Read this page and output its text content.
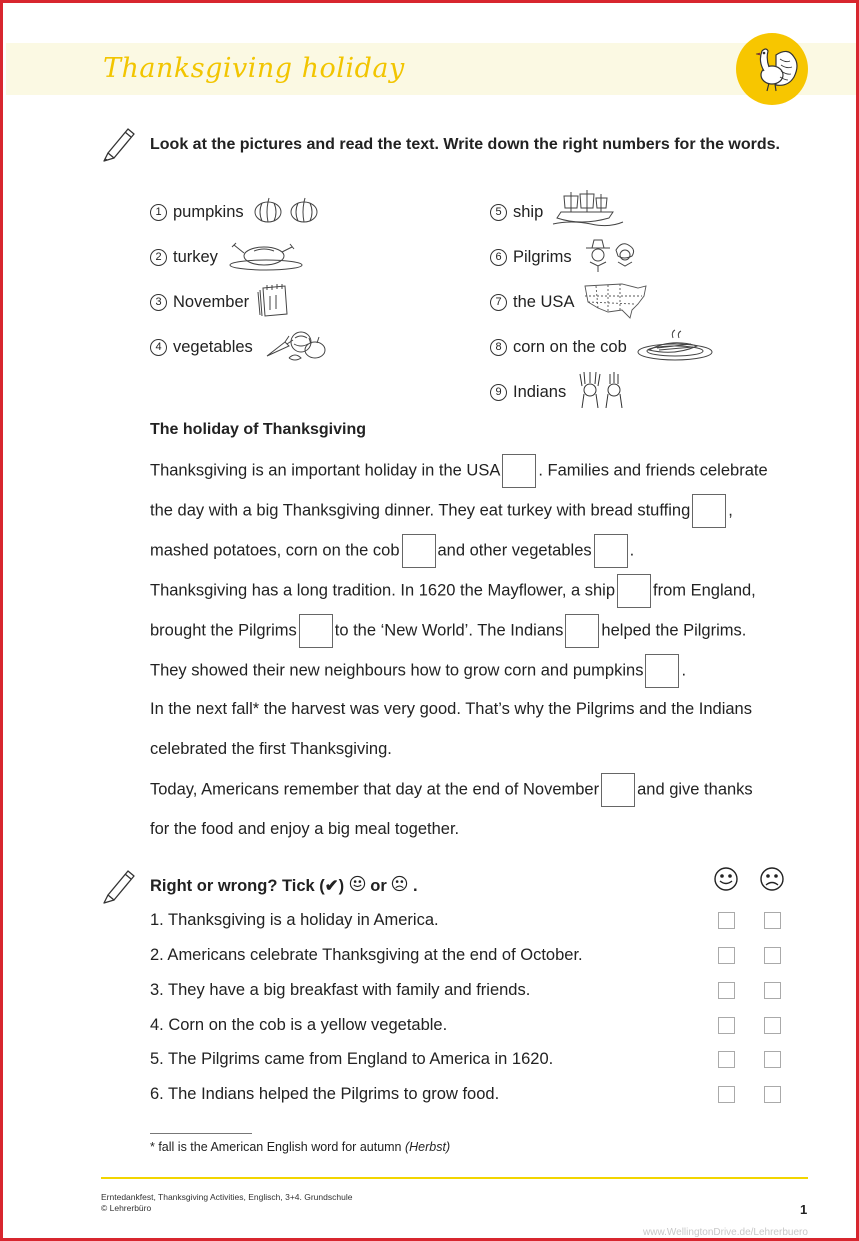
Thanksgiving holiday
Look at the pictures and read the text. Write down the right numbers for the words.
1 pumpkins
2 turkey
3 November
4 vegetables
5 ship
6 Pilgrims
7 the USA
8 corn on the cob
9 Indians
The holiday of Thanksgiving
Thanksgiving is an important holiday in the USA . Families and friends celebrate
the day with a big Thanksgiving dinner. They eat turkey with bread stuffing ,
mashed potatoes, corn on the cob and other vegetables .
Thanksgiving has a long tradition. In 1620 the Mayflower, a ship from England,
brought the Pilgrims to the ‘New World’. The Indians helped the Pilgrims.
They showed their new neighbours how to grow corn and pumpkins .
In the next fall* the harvest was very good. That’s why the Pilgrims and the Indians
celebrated the first Thanksgiving.
Today, Americans remember that day at the end of November and give thanks
for the food and enjoy a big meal together.
Right or wrong? Tick (✔) or .
1. Thanksgiving is a holiday in America.
2. Americans celebrate Thanksgiving at the end of October.
3. They have a big breakfast with family and friends.
4. Corn on the cob is a yellow vegetable.
5. The Pilgrims came from England to America in 1620.
6. The Indians helped the Pilgrims to grow food.
* fall is the American English word for autumn (Herbst)
Erntedankfest, Thanksgiving Activities, Englisch, 3+4. Grundschule
© Lehrerbüro	1
www.WellingtonDrive.de/Lehrerbuero
